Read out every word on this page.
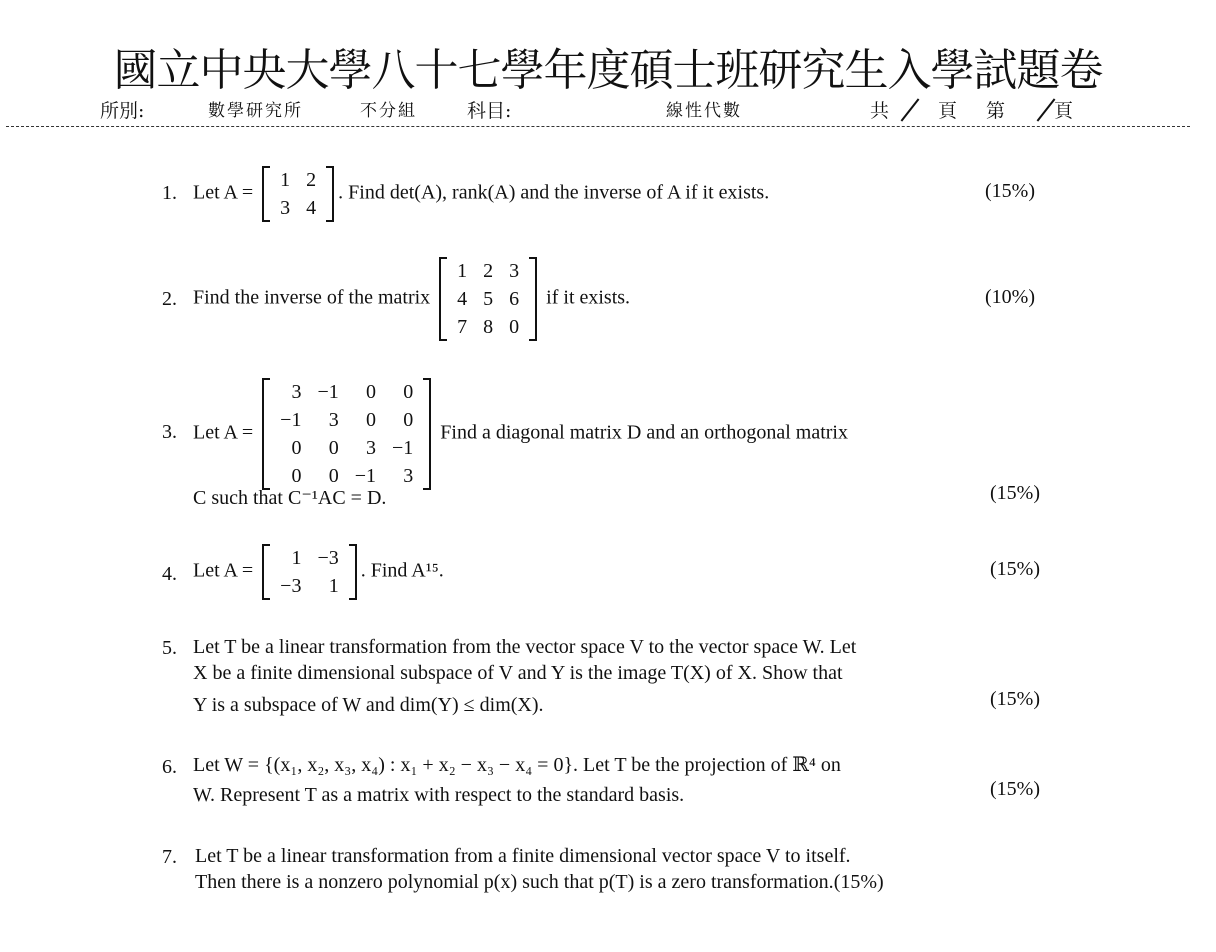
國立中央大學八十七學年度碩士班研究生入學試題卷
所別:	數學研究所	不分組	科目:	線性代數	共
	頁 第	頁
1. Let A =
1	2
3	4
. Find det(A), rank(A) and the inverse of A if it exists.	(15%)
2. Find the inverse of the matrix
1	2	3
4	5	6
7	8	0
if it exists.	(10%)
3. Let A =
3	−1	0	0
−1	3	0	0
0	0	3	−1
0	0	−1	3
Find a diagonal matrix D and an orthogonal matrix
C such that C⁻¹AC = D.	(15%)
4. Let A =
1	−3
−3	1
. Find A¹⁵.	(15%)
5. Let T be a linear transformation from the vector space V to the vector space W. Let
X be a finite dimensional subspace of V and Y is the image T(X) of X. Show that
Y is a subspace of W and dim(Y) ≤ dim(X).	(15%)
6. Let W = {(x₁, x₂, x₃, x₄) : x₁ + x₂ − x₃ − x₄ = 0}. Let T be the projection of ℝ⁴ on
W. Represent T as a matrix with respect to the standard basis.	(15%)
7. Let T be a linear transformation from a finite dimensional vector space V to itself.
Then there is a nonzero polynomial p(x) such that p(T) is a zero transformation.(15%)
